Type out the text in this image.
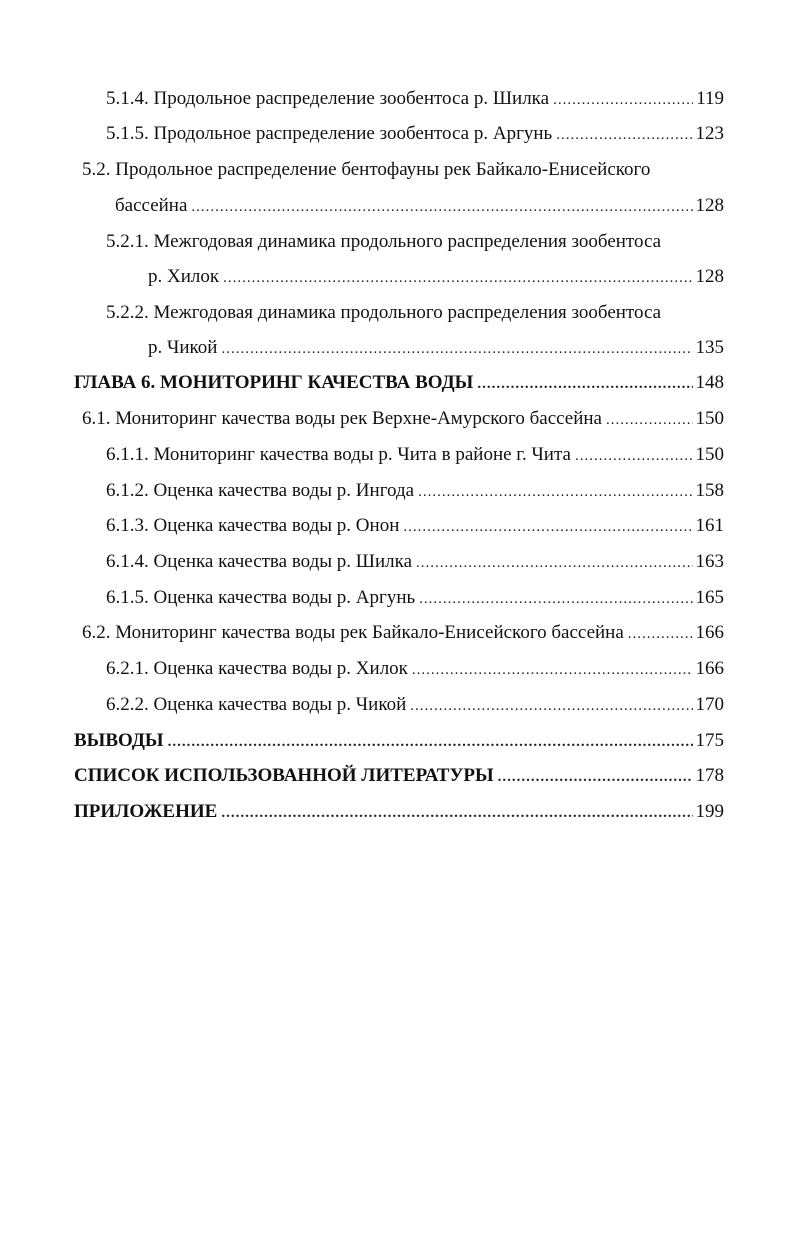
5.1.4. Продольное распределение зообентоса р. Шилка .....	119
5.1.5. Продольное распределение зообентоса р. Аргунь .....	123
5.2. Продольное распределение бентофауны рек Байкало-Енисейского
бассейна .....	128
5.2.1. Межгодовая динамика продольного распределения зообентоса
р. Хилок .....	128
5.2.2. Межгодовая динамика продольного распределения зообентоса
р. Чикой .....	135
ГЛАВА 6. МОНИТОРИНГ КАЧЕСТВА ВОДЫ .....	148
6.1. Мониторинг качества воды рек Верхне-Амурского бассейна .....	150
6.1.1. Мониторинг качества воды р. Чита в районе г. Чита .....	150
6.1.2. Оценка качества воды р. Ингода .....	158
6.1.3. Оценка качества воды р. Онон .....	161
6.1.4. Оценка качества воды р. Шилка .....	163
6.1.5. Оценка качества воды р. Аргунь .....	165
6.2. Мониторинг качества воды рек Байкало-Енисейского бассейна .....	166
6.2.1. Оценка качества воды р. Хилок .....	166
6.2.2. Оценка качества воды р. Чикой .....	170
ВЫВОДЫ .....	175
СПИСОК ИСПОЛЬЗОВАННОЙ ЛИТЕРАТУРЫ .....	178
ПРИЛОЖЕНИЕ .....	199
